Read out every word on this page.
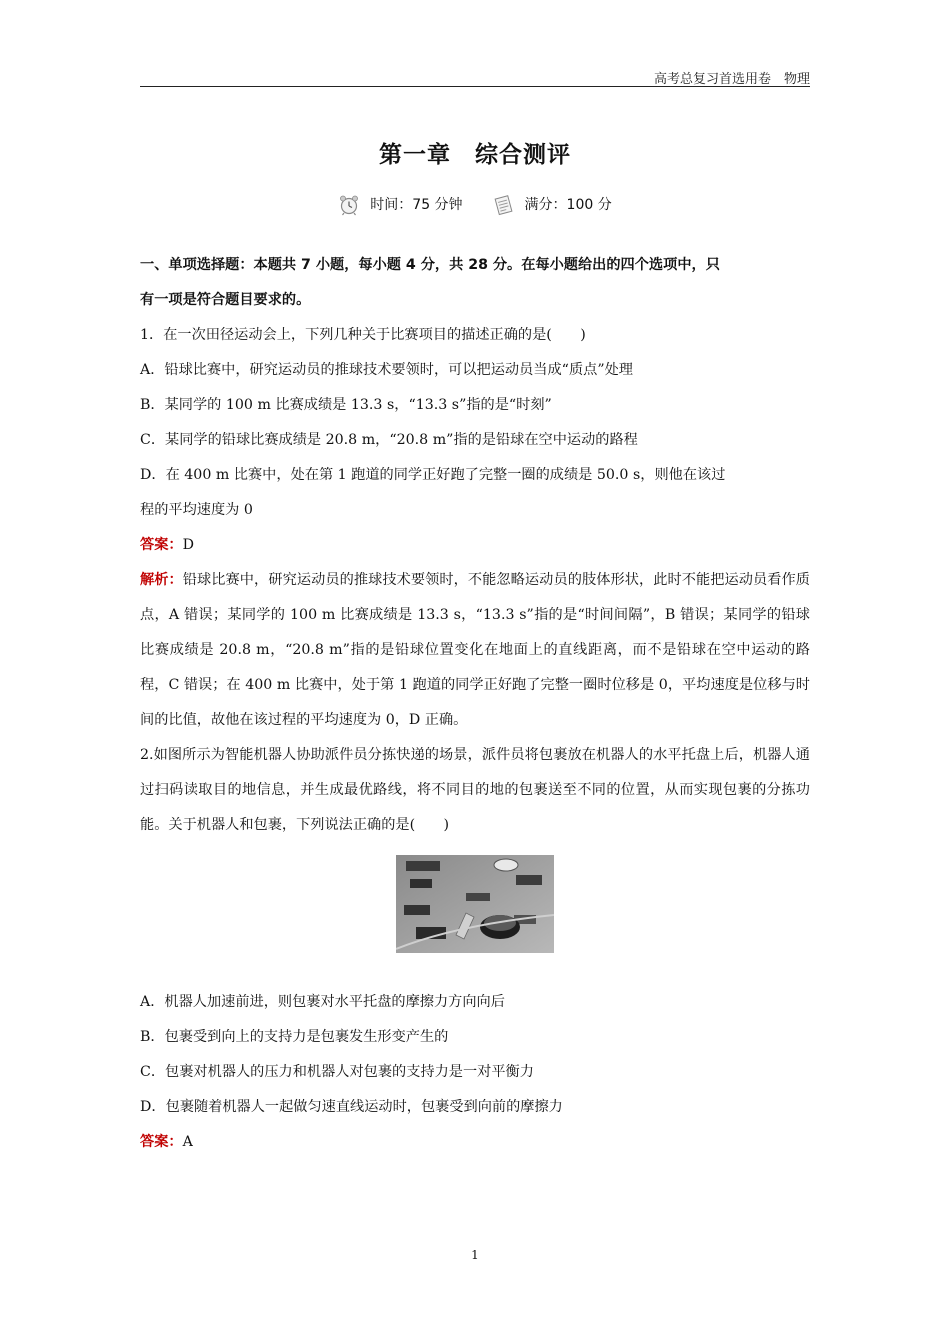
高考总复习首选用卷　物理
第一章　综合测评
时间：75 分钟	满分：100 分
一、单项选择题：本题共 7 小题，每小题 4 分，共 28 分。在每小题给出的四个选项中，只
有一项是符合题目要求的。
1．在一次田径运动会上，下列几种关于比赛项目的描述正确的是(　　)
A．铅球比赛中，研究运动员的推球技术要领时，可以把运动员当成“质点”处理
B．某同学的 100 m 比赛成绩是 13.3 s，“13.3 s”指的是“时刻”
C．某同学的铅球比赛成绩是 20.8 m，“20.8 m”指的是铅球在空中运动的路程
D．在 400 m 比赛中，处在第 1 跑道的同学正好跑了完整一圈的成绩是 50.0 s，则他在该过
程的平均速度为 0
答案：D
解析：铅球比赛中，研究运动员的推球技术要领时，不能忽略运动员的肢体形状，此时不能把运动员看作质点，A 错误；某同学的 100 m 比赛成绩是 13.3 s，“13.3 s”指的是“时间间隔”，B 错误；某同学的铅球比赛成绩是 20.8 m，“20.8 m”指的是铅球位置变化在地面上的直线距离，而不是铅球在空中运动的路程，C 错误；在 400 m 比赛中，处于第 1 跑道的同学正好跑了完整一圈时位移是 0，平均速度是位移与时间的比值，故他在该过程的平均速度为 0，D 正确。
2.如图所示为智能机器人协助派件员分拣快递的场景，派件员将包裹放在机器人的水平托盘上后，机器人通过扫码读取目的地信息，并生成最优路线，将不同目的地的包裹送至不同的位置，从而实现包裹的分拣功能。关于机器人和包裹，下列说法正确的是(　　)
A．机器人加速前进，则包裹对水平托盘的摩擦力方向向后
B．包裹受到向上的支持力是包裹发生形变产生的
C．包裹对机器人的压力和机器人对包裹的支持力是一对平衡力
D．包裹随着机器人一起做匀速直线运动时，包裹受到向前的摩擦力
答案：A
1
